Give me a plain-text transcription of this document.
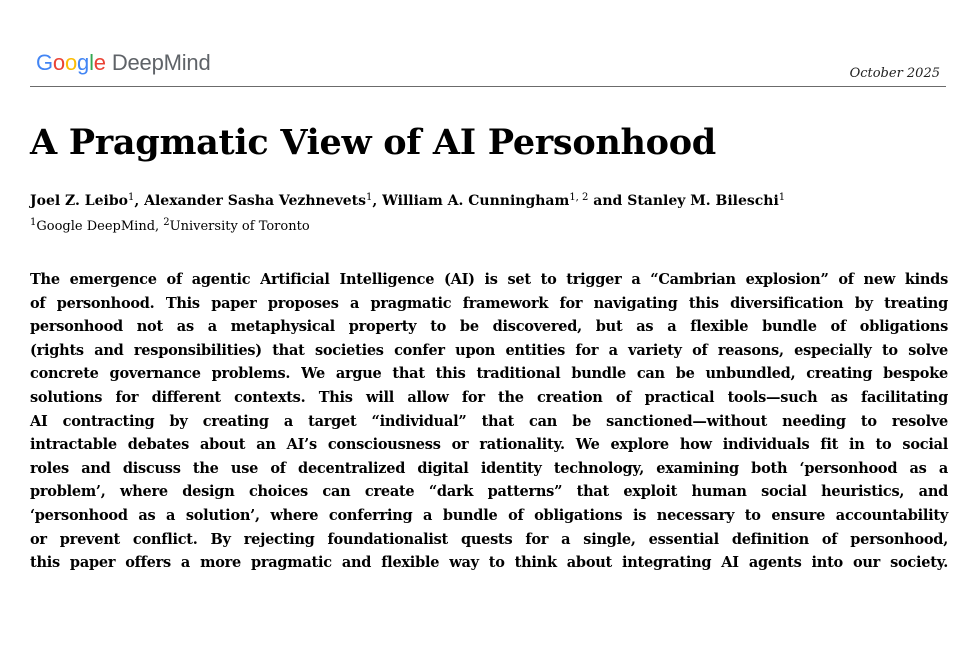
Google DeepMind	October 2025
A Pragmatic View of AI Personhood
Joel Z. Leibo$^1$, Alexander Sasha Vezhnevets$^1$, William A. Cunningham$^{1, 2}$ and Stanley M. Bileschi$^1$
$^1$Google DeepMind, $^2$University of Toronto
The emergence of agentic Artificial Intelligence (AI) is set to trigger a “Cambrian explosion” of new kinds
of personhood. This paper proposes a pragmatic framework for navigating this diversification by treating
personhood not as a metaphysical property to be discovered, but as a flexible bundle of obligations
(rights and responsibilities) that societies confer upon entities for a variety of reasons, especially to solve
concrete governance problems. We argue that this traditional bundle can be unbundled, creating bespoke
solutions for different contexts. This will allow for the creation of practical tools—such as facilitating
AI contracting by creating a target “individual” that can be sanctioned—without needing to resolve
intractable debates about an AI’s consciousness or rationality. We explore how individuals fit in to social
roles and discuss the use of decentralized digital identity technology, examining both ‘personhood as a
problem’, where design choices can create “dark patterns” that exploit human social heuristics, and
‘personhood as a solution’, where conferring a bundle of obligations is necessary to ensure accountability
or prevent conflict. By rejecting foundationalist quests for a single, essential definition of personhood,
this paper offers a more pragmatic and flexible way to think about integrating AI agents into our society.
